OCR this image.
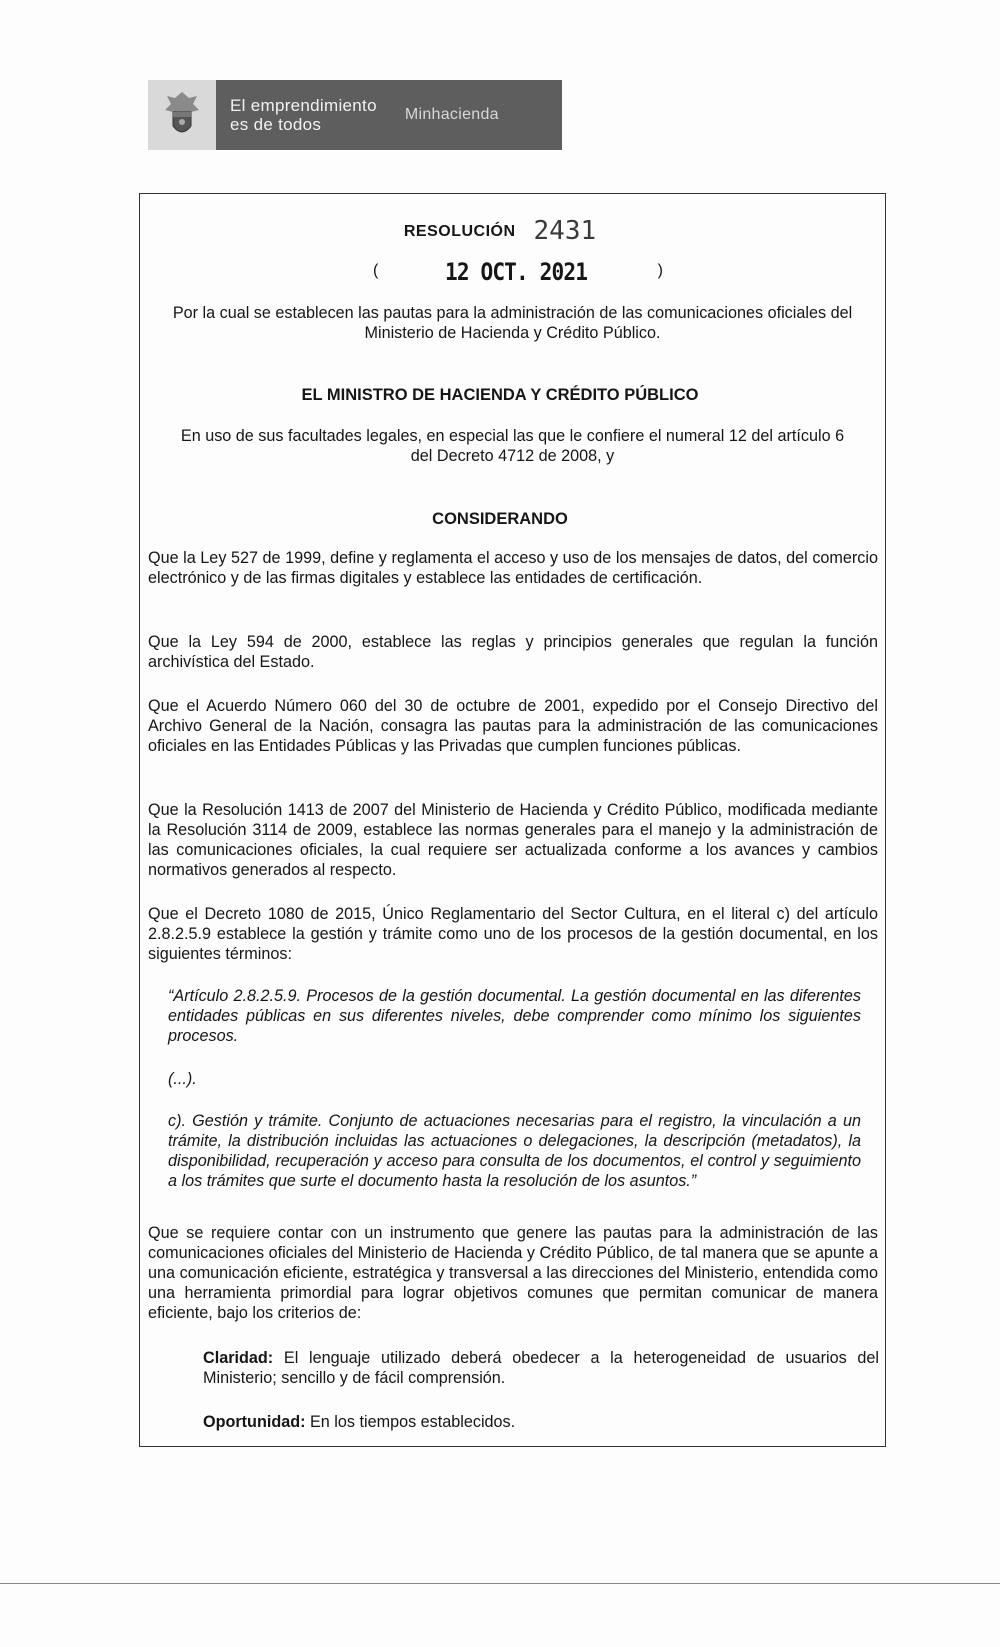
El emprendimiento
es de todos
Minhacienda
RESOLUCIÓN 2431
(	12 OCT. 2021	)
Por la cual se establecen las pautas para la administración de las comunicaciones oficiales del Ministerio de Hacienda y Crédito Público.
EL MINISTRO DE HACIENDA Y CRÉDITO PÚBLICO
En uso de sus facultades legales, en especial las que le confiere el numeral 12 del artículo 6 del Decreto 4712 de 2008, y
CONSIDERANDO
Que la Ley 527 de 1999, define y reglamenta el acceso y uso de los mensajes de datos, del comercio electrónico y de las firmas digitales y establece las entidades de certificación.
Que la Ley 594 de 2000, establece las reglas y principios generales que regulan la función archivística del Estado.
Que el Acuerdo Número 060 del 30 de octubre de 2001, expedido por el Consejo Directivo del Archivo General de la Nación, consagra las pautas para la administración de las comunicaciones oficiales en las Entidades Públicas y las Privadas que cumplen funciones públicas.
Que la Resolución 1413 de 2007 del Ministerio de Hacienda y Crédito Público, modificada mediante la Resolución 3114 de 2009, establece las normas generales para el manejo y la administración de las comunicaciones oficiales, la cual requiere ser actualizada conforme a los avances y cambios normativos generados al respecto.
Que el Decreto 1080 de 2015, Único Reglamentario del Sector Cultura, en el literal c) del artículo 2.8.2.5.9 establece la gestión y trámite como uno de los procesos de la gestión documental, en los siguientes términos:
“Artículo 2.8.2.5.9. Procesos de la gestión documental. La gestión documental en las diferentes entidades públicas en sus diferentes niveles, debe comprender como mínimo los siguientes procesos.
(...).
c). Gestión y trámite. Conjunto de actuaciones necesarias para el registro, la vinculación a un trámite, la distribución incluidas las actuaciones o delegaciones, la descripción (metadatos), la disponibilidad, recuperación y acceso para consulta de los documentos, el control y seguimiento a los trámites que surte el documento hasta la resolución de los asuntos.”
Que se requiere contar con un instrumento que genere las pautas para la administración de las comunicaciones oficiales del Ministerio de Hacienda y Crédito Público, de tal manera que se apunte a una comunicación eficiente, estratégica y transversal a las direcciones del Ministerio, entendida como una herramienta primordial para lograr objetivos comunes que permitan comunicar de manera eficiente, bajo los criterios de:
Claridad: El lenguaje utilizado deberá obedecer a la heterogeneidad de usuarios del Ministerio; sencillo y de fácil comprensión.
Oportunidad: En los tiempos establecidos.
